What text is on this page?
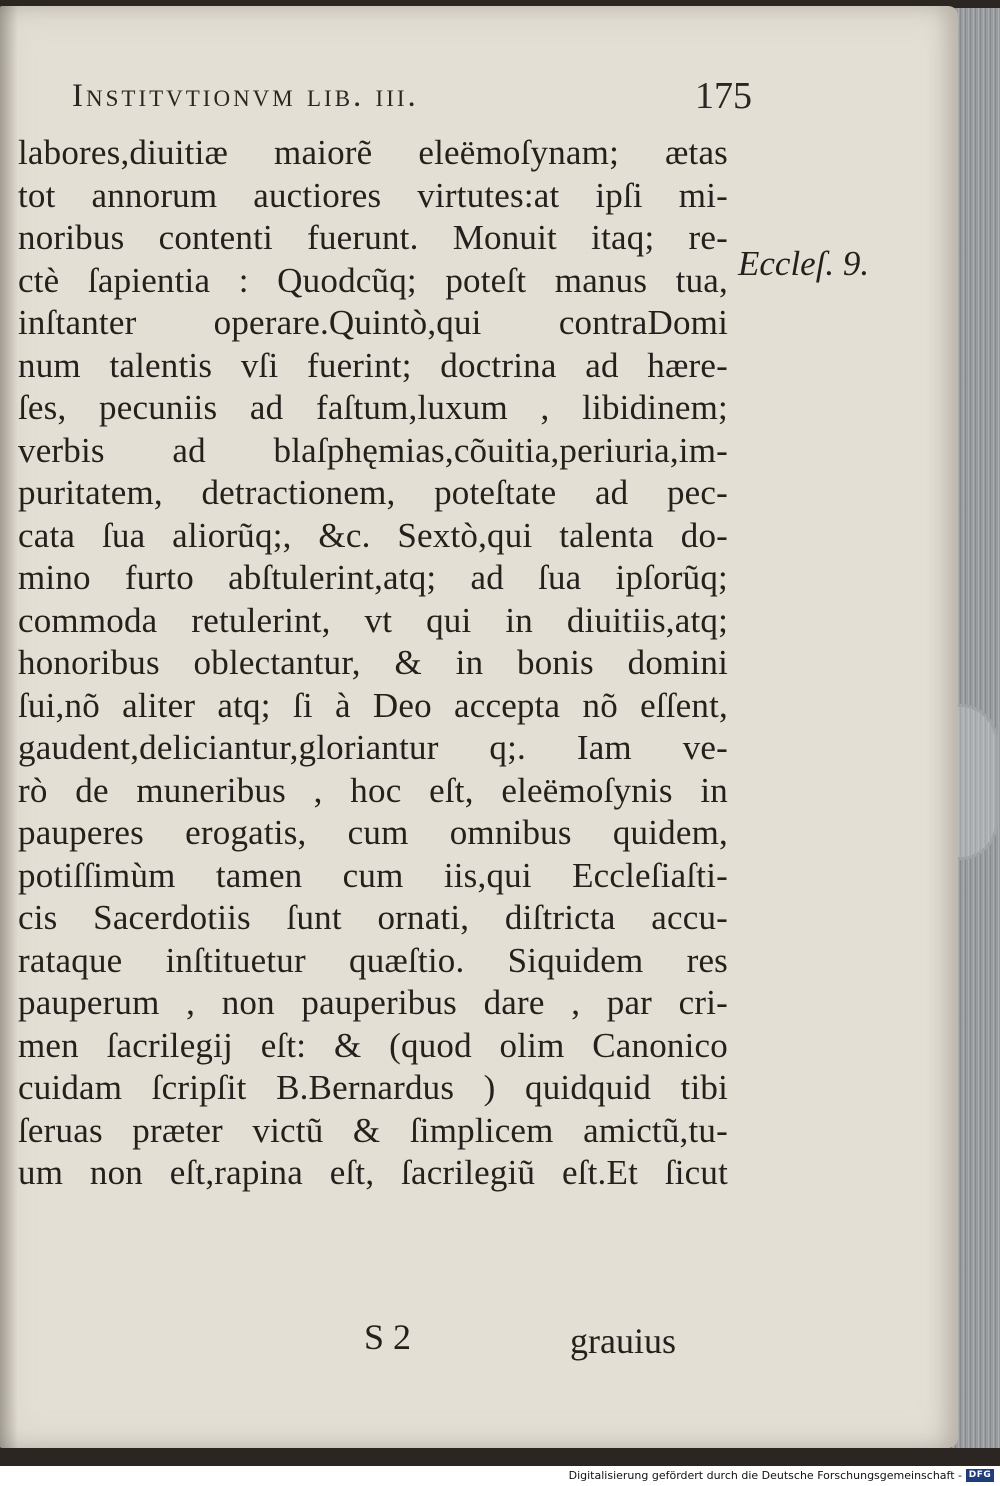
Institvtionvm lib. iii.	175
labores,diuitiæ maiorẽ eleëmoſynam; ætas
tot annorum auctiores virtutes:at ipſi mi-
noribus contenti fuerunt. Monuit itaq; re-
ctè ſapientia : Quodcũq; poteſt manus tua,
inſtanter operare.Quintò,qui contraDomi
num talentis vſi fuerint; doctrina ad hære-
ſes, pecuniis ad faſtum,luxum , libidinem;
verbis ad blaſphęmias,cõuitia,periuria,im-
puritatem, detractionem, poteſtate ad pec-
cata ſua aliorũq;, &c. Sextò,qui talenta do-
mino furto abſtulerint,atq; ad ſua ipſorũq;
commoda retulerint, vt qui in diuitiis,atq;
honoribus oblectantur, & in bonis domini
ſui,nõ aliter atq; ſi à Deo accepta nõ eſſent,
gaudent,deliciantur,gloriantur q;. Iam ve-
rò de muneribus , hoc eſt, eleëmoſynis in
pauperes erogatis, cum omnibus quidem,
potiſſimùm tamen cum iis,qui Eccleſiaſti-
cis Sacerdotiis ſunt ornati, diſtricta accu-
rataque inſtituetur quæſtio. Siquidem res
pauperum , non pauperibus dare , par cri-
men ſacrilegij eſt: & (quod olim Canonico
cuidam ſcripſit B.Bernardus ) quidquid tibi
ſeruas præter victũ & ſimplicem amictũ,tu-
um non eſt,rapina eſt, ſacrilegiũ eſt.Et ſicut
Eccleſ. 9.
S 2	grauius
Digitalisierung gefördert durch die Deutsche Forschungsgemeinschaft - DFG
